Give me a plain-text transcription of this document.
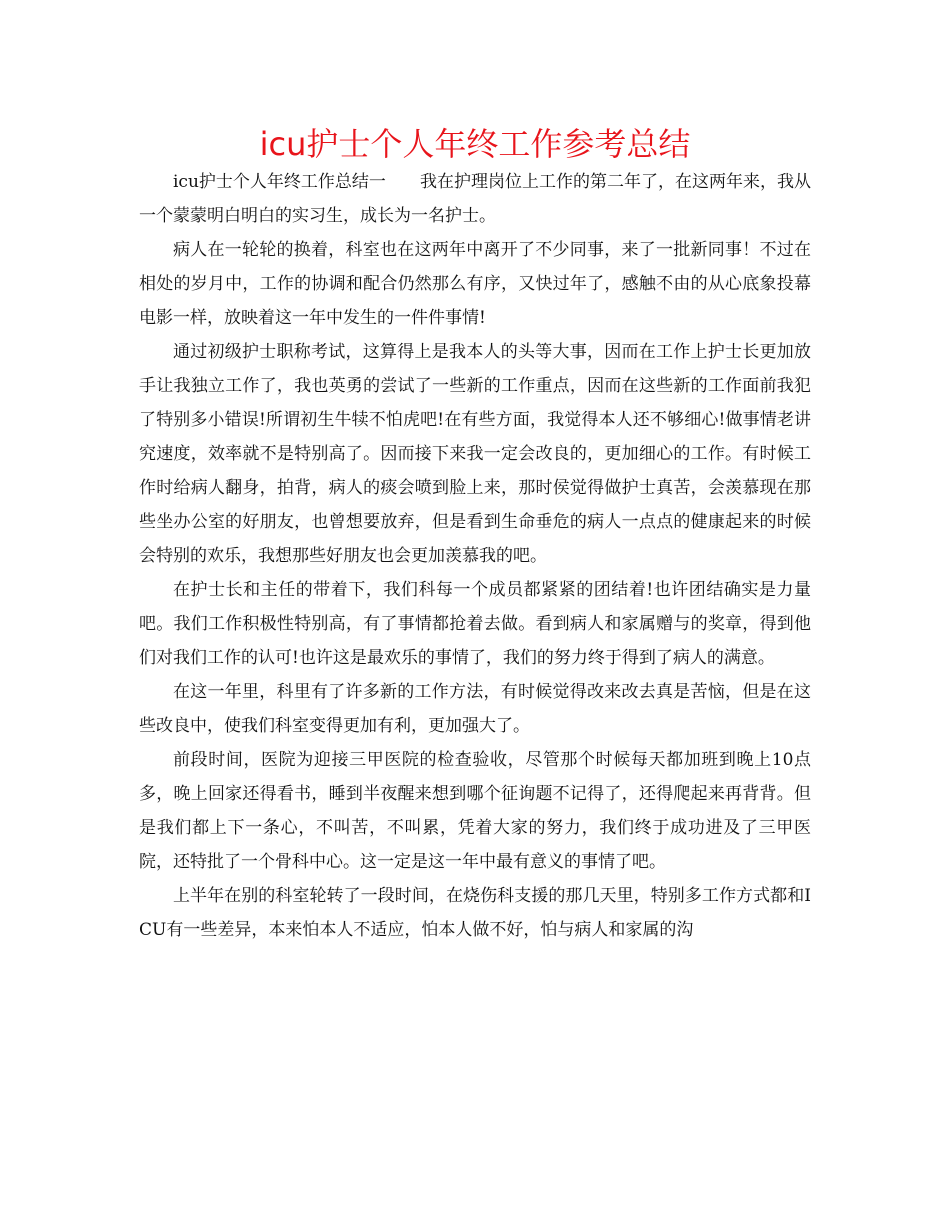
icu护士个人年终工作参考总结

icu护士个人年终工作总结一　　我在护理岗位上工作的第二年了，在这两年来，我从一个蒙蒙明白明白的实习生，成长为一名护士。

病人在一轮轮的换着，科室也在这两年中离开了不少同事，来了一批新同事！不过在相处的岁月中，工作的协调和配合仍然那么有序，又快过年了，感触不由的从心底象投幕电影一样，放映着这一年中发生的一件件事情!

通过初级护士职称考试，这算得上是我本人的头等大事，因而在工作上护士长更加放手让我独立工作了，我也英勇的尝试了一些新的工作重点，因而在这些新的工作面前我犯了特别多小错误!所谓初生牛犊不怕虎吧!在有些方面，我觉得本人还不够细心!做事情老讲究速度，效率就不是特别高了。因而接下来我一定会改良的，更加细心的工作。有时候工作时给病人翻身，拍背，病人的痰会喷到脸上来，那时侯觉得做护士真苦，会羡慕现在那些坐办公室的好朋友，也曾想要放弃，但是看到生命垂危的病人一点点的健康起来的时候会特别的欢乐，我想那些好朋友也会更加羡慕我的吧。

在护士长和主任的带着下，我们科每一个成员都紧紧的团结着!也许团结确实是力量吧。我们工作积极性特别高，有了事情都抢着去做。看到病人和家属赠与的奖章，得到他们对我们工作的认可!也许这是最欢乐的事情了，我们的努力终于得到了病人的满意。

在这一年里，科里有了许多新的工作方法，有时候觉得改来改去真是苦恼，但是在这些改良中，使我们科室变得更加有利，更加强大了。

前段时间，医院为迎接三甲医院的检查验收，尽管那个时候每天都加班到晚上10点多，晚上回家还得看书，睡到半夜醒来想到哪个征询题不记得了，还得爬起来再背背。但是我们都上下一条心，不叫苦，不叫累，凭着大家的努力，我们终于成功进及了三甲医院，还特批了一个骨科中心。这一定是这一年中最有意义的事情了吧。

上半年在别的科室轮转了一段时间，在烧伤科支援的那几天里，特别多工作方式都和ICU有一些差异，本来怕本人不适应，怕本人做不好，怕与病人和家属的沟
